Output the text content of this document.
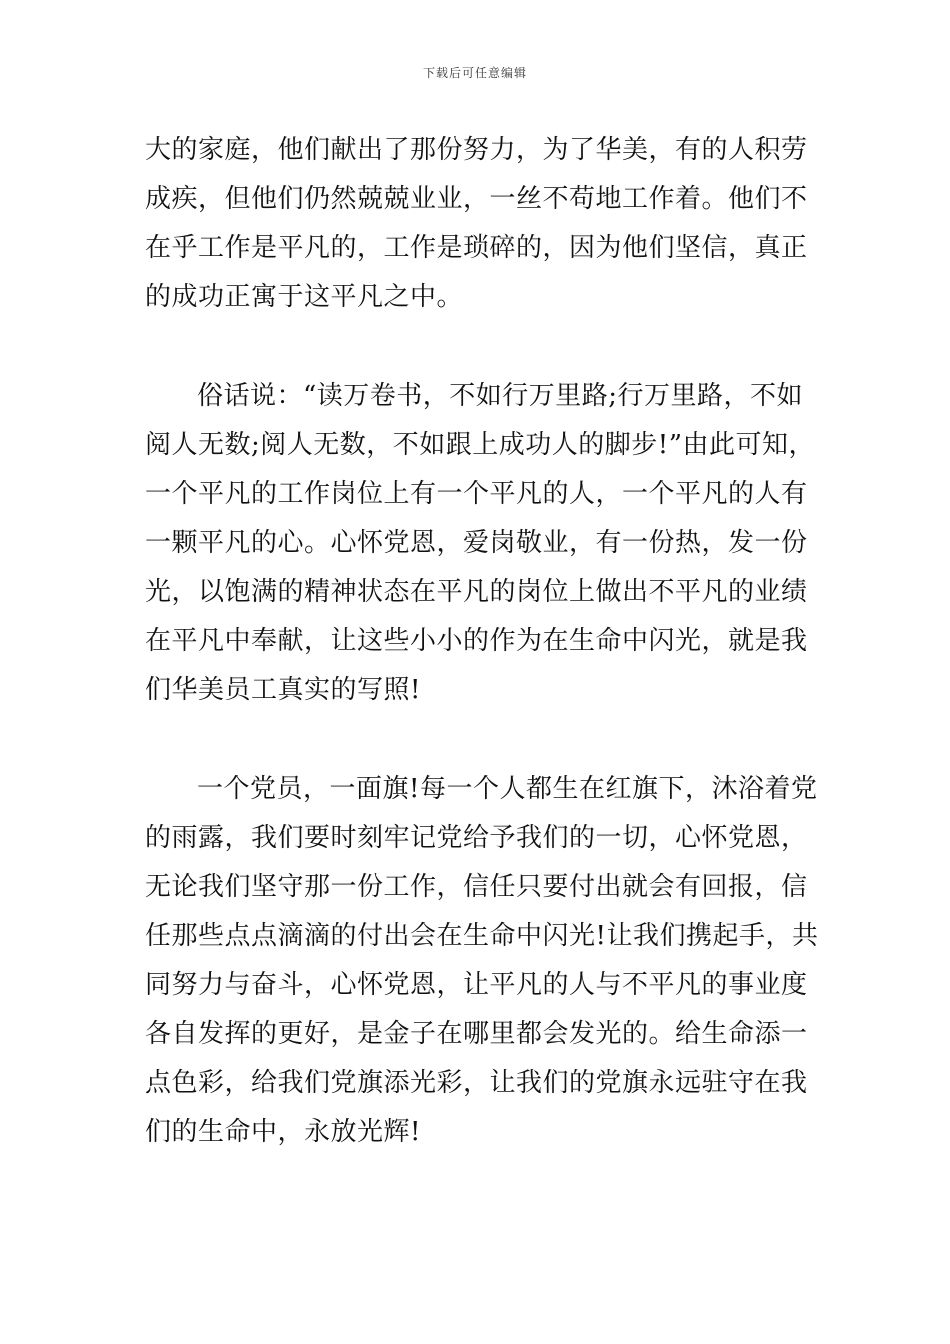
下载后可任意编辑
大的家庭，他们献出了那份努力，为了华美，有的人积劳
成疾，但他们仍然兢兢业业，一丝不苟地工作着。他们不
在乎工作是平凡的，工作是琐碎的，因为他们坚信，真正
的成功正寓于这平凡之中。
俗话说：“读万卷书，不如行万里路;行万里路，不如
阅人无数;阅人无数，不如跟上成功人的脚步!”由此可知，
一个平凡的工作岗位上有一个平凡的人，一个平凡的人有
一颗平凡的心。心怀党恩，爱岗敬业，有一份热，发一份
光，以饱满的精神状态在平凡的岗位上做出不平凡的业绩
在平凡中奉献，让这些小小的作为在生命中闪光，就是我
们华美员工真实的写照!
一个党员，一面旗!每一个人都生在红旗下，沐浴着党
的雨露，我们要时刻牢记党给予我们的一切，心怀党恩，
无论我们坚守那一份工作，信任只要付出就会有回报，信
任那些点点滴滴的付出会在生命中闪光!让我们携起手，共
同努力与奋斗，心怀党恩，让平凡的人与不平凡的事业度
各自发挥的更好，是金子在哪里都会发光的。给生命添一
点色彩，给我们党旗添光彩，让我们的党旗永远驻守在我
们的生命中，永放光辉!
